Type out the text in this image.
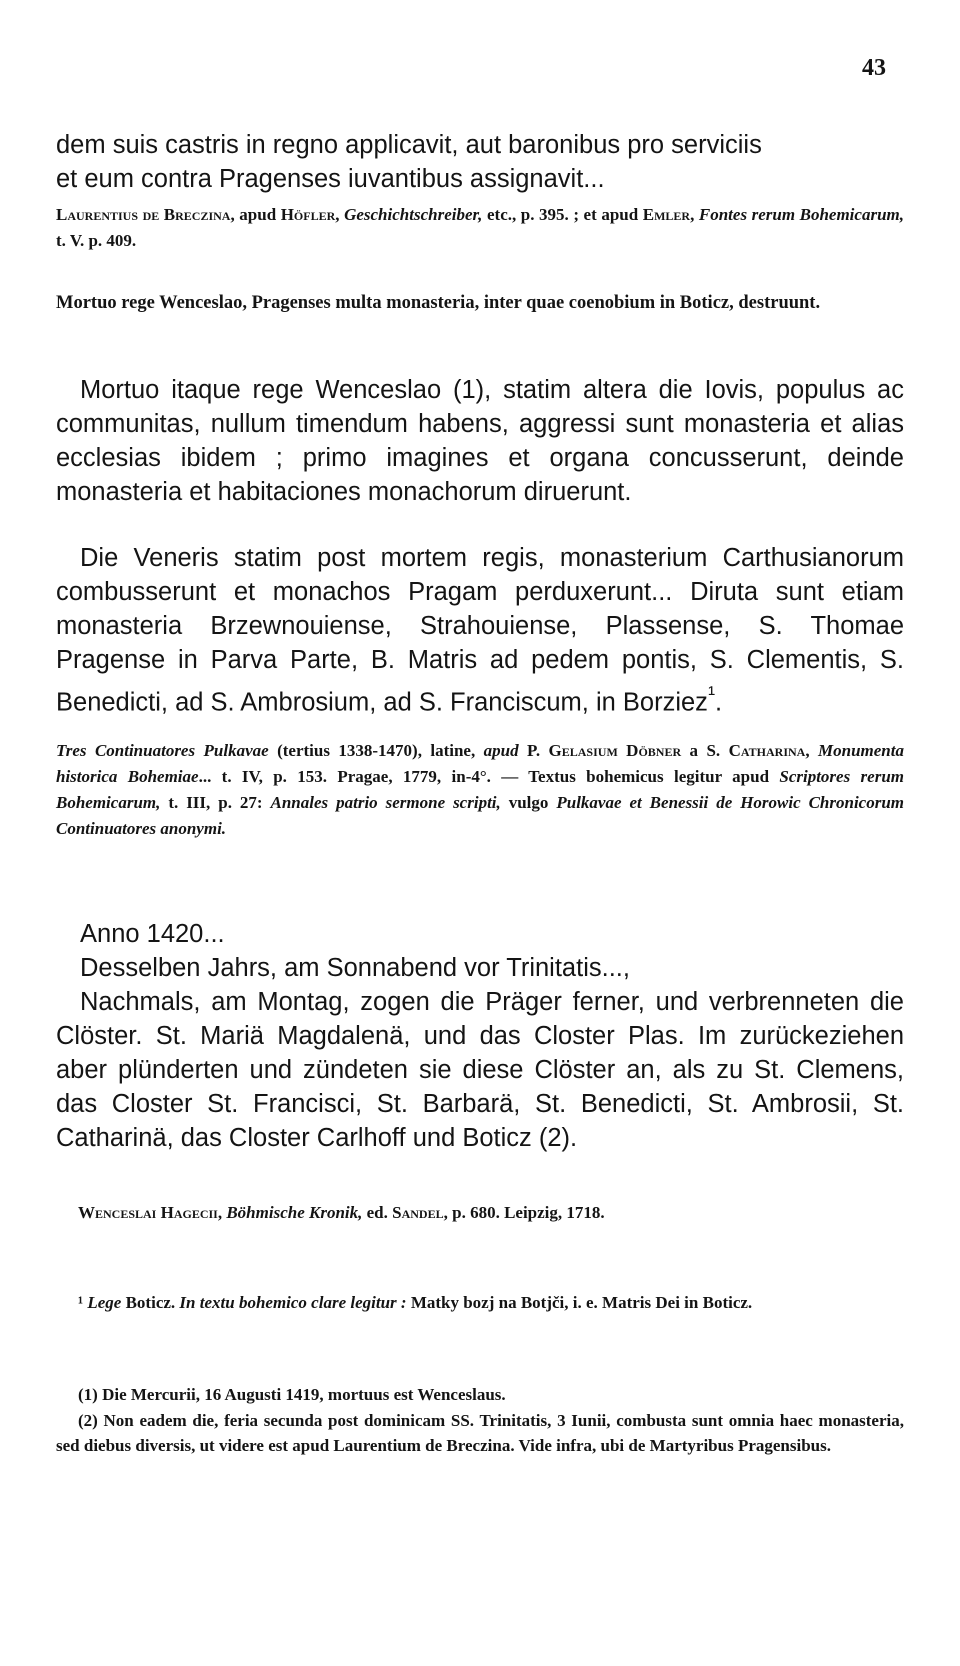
43
dem suis castris in regno applicavit, aut baronibus pro serviciis
et eum contra Pragenses iuvantibus assignavit...
Laurentius de Breczina, apud Höfler, Geschichtschreiber, etc., p. 395. ; et apud Emler, Fontes rerum Bohemicarum, t. V. p. 409.
Mortuo rege Wenceslao, Pragenses multa monasteria, inter quae coenobium in Boticz, destruunt.
Mortuo itaque rege Wenceslao (1), statim altera die Iovis, populus ac communitas, nullum timendum habens, aggressi sunt monasteria et alias ecclesias ibidem ; primo imagines et organa concusserunt, deinde monasteria et habitaciones monachorum diruerunt.
Die Veneris statim post mortem regis, monasterium Carthusianorum combusserunt et monachos Pragam perduxerunt... Diruta sunt etiam monasteria Brzewnouiense, Strahouiense, Plassense, S. Thomae Pragense in Parva Parte, B. Matris ad pedem pontis, S. Clementis, S. Benedicti, ad S. Ambrosium, ad S. Franciscum, in Borziez$^{^1}$.
Tres Continuatores Pulkavae (tertius 1338-1470), latine, apud P. Gelasium Döbner a S. Catharina, Monumenta historica Bohemiae... t. IV, p. 153. Pragae, 1779, in-4°. — Textus bohemicus legitur apud Scriptores rerum Bohemicarum, t. III, p. 27: Annales patrio sermone scripti, vulgo Pulkavae et Benessii de Horowic Chronicorum Continuatores anonymi.
Anno 1420...
Desselben Jahrs, am Sonnabend vor Trinitatis...,
Nachmals, am Montag, zogen die Präger ferner, und verbrenneten die Clöster. St. Mariä Magdalenä, und das Closter Plas. Im zurückeziehen aber plünderten und zündeten sie diese Clöster an, als zu St. Clemens, das Closter St. Francisci, St. Barbarä, St. Benedicti, St. Ambrosii, St. Catharinä, das Closter Carlhoff und Boticz (2).
Wenceslai Hagecii, Böhmische Kronik, ed. Sandel, p. 680. Leipzig, 1718.
¹ Lege Boticz. In textu bohemico clare legitur : Matky bozj na Botjči, i. e. Matris Dei in Boticz.
(1) Die Mercurii, 16 Augusti 1419, mortuus est Wenceslaus.
(2) Non eadem die, feria secunda post dominicam SS. Trinitatis, 3 Iunii, combusta sunt omnia haec monasteria, sed diebus diversis, ut videre est apud Laurentium de Breczina. Vide infra, ubi de Martyribus Pragensibus.
